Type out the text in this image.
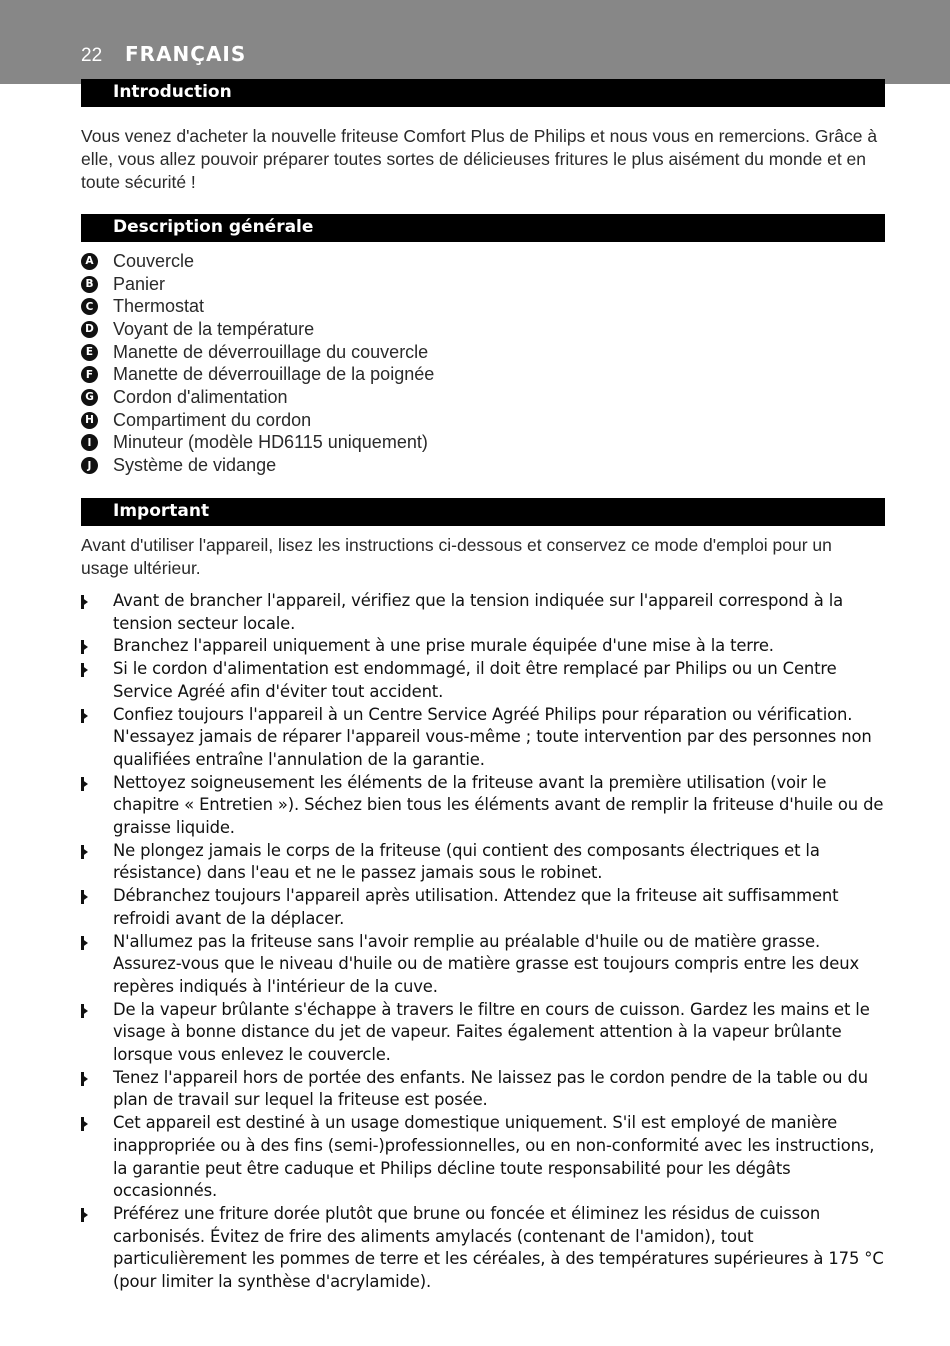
22 FRANÇAIS
Introduction

Vous venez d'acheter la nouvelle friteuse Comfort Plus de Philips et nous vous en remercions. Grâce à elle, vous allez pouvoir préparer toutes sortes de délicieuses fritures le plus aisément du monde et en toute sécurité !

Description générale
A Couvercle
B Panier
C Thermostat
D Voyant de la température
E Manette de déverrouillage du couvercle
F Manette de déverrouillage de la poignée
G Cordon d'alimentation
H Compartiment du cordon
I	Minuteur (modèle HD6115 uniquement)
J	Système de vidange
Important

Avant d'utiliser l'appareil, lisez les instructions ci-dessous et conservez ce mode d'emploi pour un usage ultérieur.

Avant de brancher l'appareil, vérifiez que la tension indiquée sur l'appareil correspond à la tension secteur locale.
Branchez l'appareil uniquement à une prise murale équipée d'une mise à la terre.
Si le cordon d'alimentation est endommagé, il doit être remplacé par Philips ou un Centre Service Agréé afin d'éviter tout accident.
Confiez toujours l'appareil à un Centre Service Agréé Philips pour réparation ou vérification. N'essayez jamais de réparer l'appareil vous-même ; toute intervention par des personnes non qualifiées entraîne l'annulation de la garantie.
Nettoyez soigneusement les éléments de la friteuse avant la première utilisation (voir le chapitre « Entretien »). Séchez bien tous les éléments avant de remplir la friteuse d'huile ou de graisse liquide.
Ne plongez jamais le corps de la friteuse (qui contient des composants électriques et la résistance) dans l'eau et ne le passez jamais sous le robinet.
Débranchez toujours l'appareil après utilisation. Attendez que la friteuse ait suffisamment refroidi avant de la déplacer.
N'allumez pas la friteuse sans l'avoir remplie au préalable d'huile ou de matière grasse. Assurez-vous que le niveau d'huile ou de matière grasse est toujours compris entre les deux repères indiqués à l'intérieur de la cuve.
De la vapeur brûlante s'échappe à travers le filtre en cours de cuisson. Gardez les mains et le visage à bonne distance du jet de vapeur. Faites également attention à la vapeur brûlante lorsque vous enlevez le couvercle.
Tenez l'appareil hors de portée des enfants. Ne laissez pas le cordon pendre de la table ou du plan de travail sur lequel la friteuse est posée.
Cet appareil est destiné à un usage domestique uniquement. S'il est employé de manière inappropriée ou à des fins (semi-)professionnelles, ou en non-conformité avec les instructions, la garantie peut être caduque et Philips décline toute responsabilité pour les dégâts occasionnés.
Préférez une friture dorée plutôt que brune ou foncée et éliminez les résidus de cuisson carbonisés. Évitez de frire des aliments amylacés (contenant de l'amidon), tout particulièrement les pommes de terre et les céréales, à des températures supérieures à 175 °C (pour limiter la synthèse d'acrylamide).
